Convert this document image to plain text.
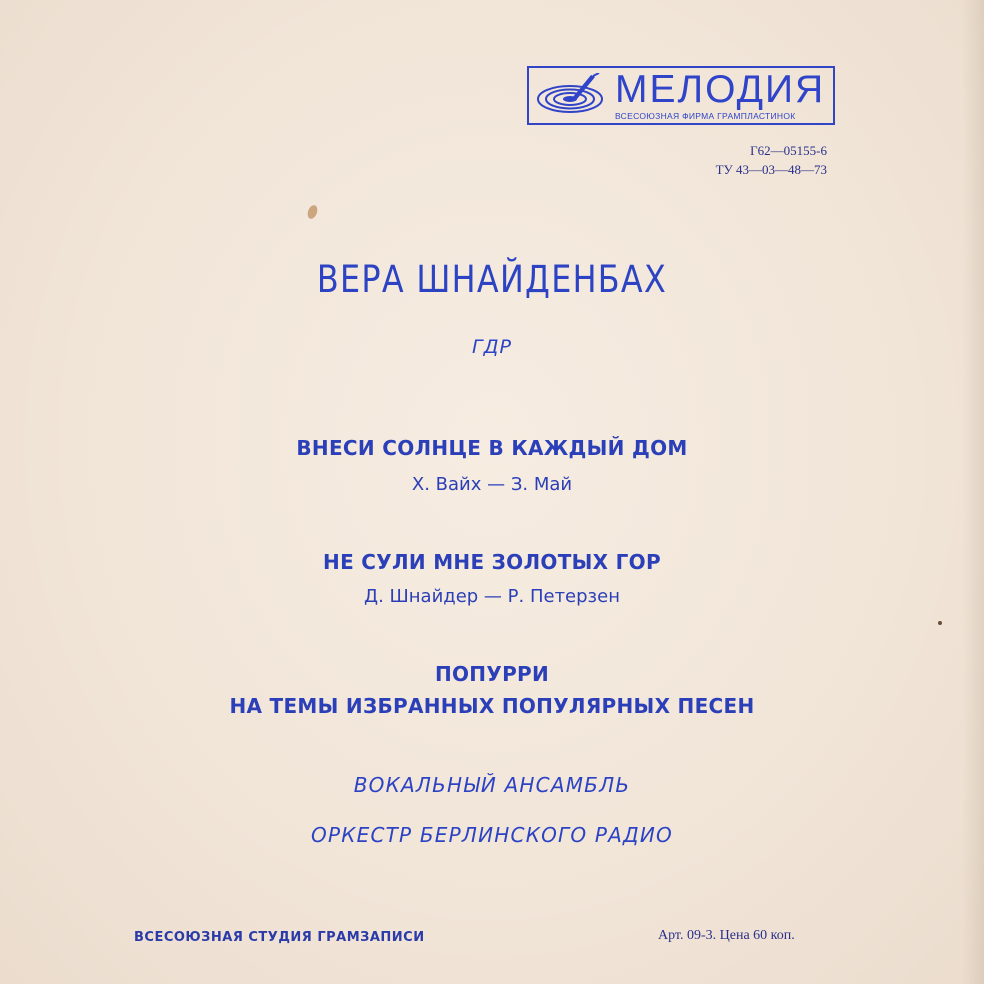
МЕЛОДИЯ
ВСЕСОЮЗНАЯ ФИРМА ГРАМПЛАСТИНОК
Г62—05155-6
ТУ 43—03—48—73
ВЕРА ШНАЙДЕНБАХ
ГДР
ВНЕСИ СОЛНЦЕ В КАЖДЫЙ ДОМ
Х. Вайх — З. Май
НЕ СУЛИ МНЕ ЗОЛОТЫХ ГОР
Д. Шнайдер — Р. Петерзен
ПОПУРРИ
НА ТЕМЫ ИЗБРАННЫХ ПОПУЛЯРНЫХ ПЕСЕН
ВОКАЛЬНЫЙ АНСАМБЛЬ
ОРКЕСТР БЕРЛИНСКОГО РАДИО
ВСЕСОЮЗНАЯ СТУДИЯ ГРАМЗАПИСИ	Арт. 09-3. Цена 60 коп.
